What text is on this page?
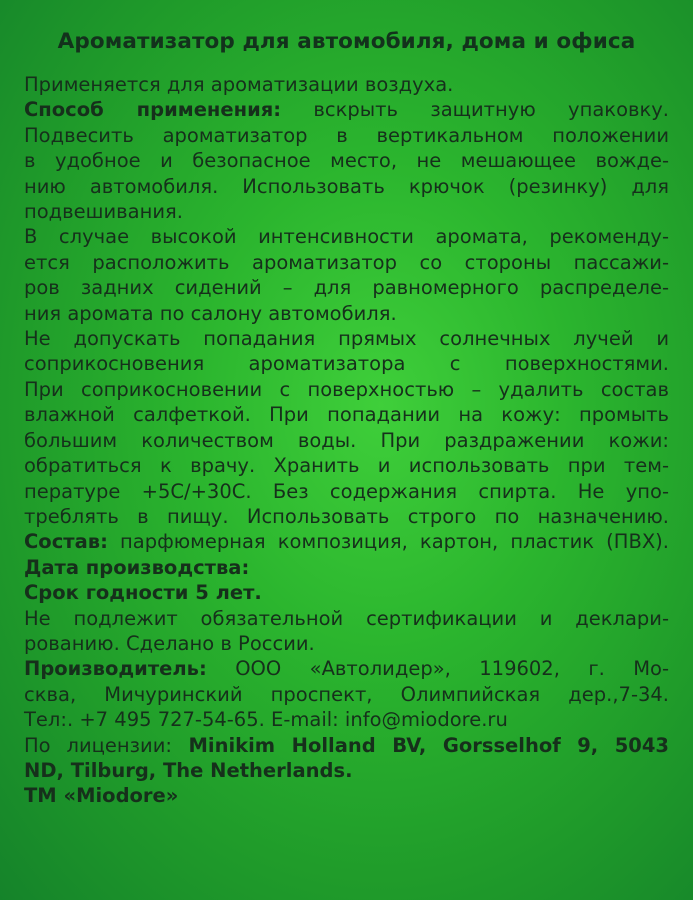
Ароматизатор для автомобиля, дома и офиса
Применяется для ароматизации воздуха.
Способ применения: вскрыть защитную упаковку.
Подвесить ароматизатор в вертикальном положении
в удобное и безопасное место, не мешающее вожде-
нию автомобиля. Использовать крючок (резинку) для
подвешивания.
В случае высокой интенсивности аромата, рекоменду-
ется расположить ароматизатор со стороны пассажи-
ров задних сидений – для равномерного распределе-
ния аромата по салону автомобиля.
Не допускать попадания прямых солнечных лучей и
соприкосновения ароматизатора с поверхностями.
При соприкосновении с поверхностью – удалить состав
влажной салфеткой. При попадании на кожу: промыть
большим количеством воды. При раздражении кожи:
обратиться к врачу. Хранить и использовать при тем-
пературе +5С/+30С. Без содержания спирта. Не упо-
треблять в пищу. Использовать строго по назначению.
Состав: парфюмерная композиция, картон, пластик (ПВХ).
Дата производства:
Срок годности 5 лет.
Не подлежит обязательной сертификации и деклари-
рованию. Сделано в России.
Производитель: ООО «Автолидер», 119602, г. Мо-
сква, Мичуринский проспект, Олимпийская дер.,7-34.
Тел:. +7 495 727-54-65. E-mail: info@miodore.ru
По лицензии: Minikim Holland BV, Gorsselhof 9, 5043
ND, Tilburg, The Netherlands.
ТМ «Miodore»
